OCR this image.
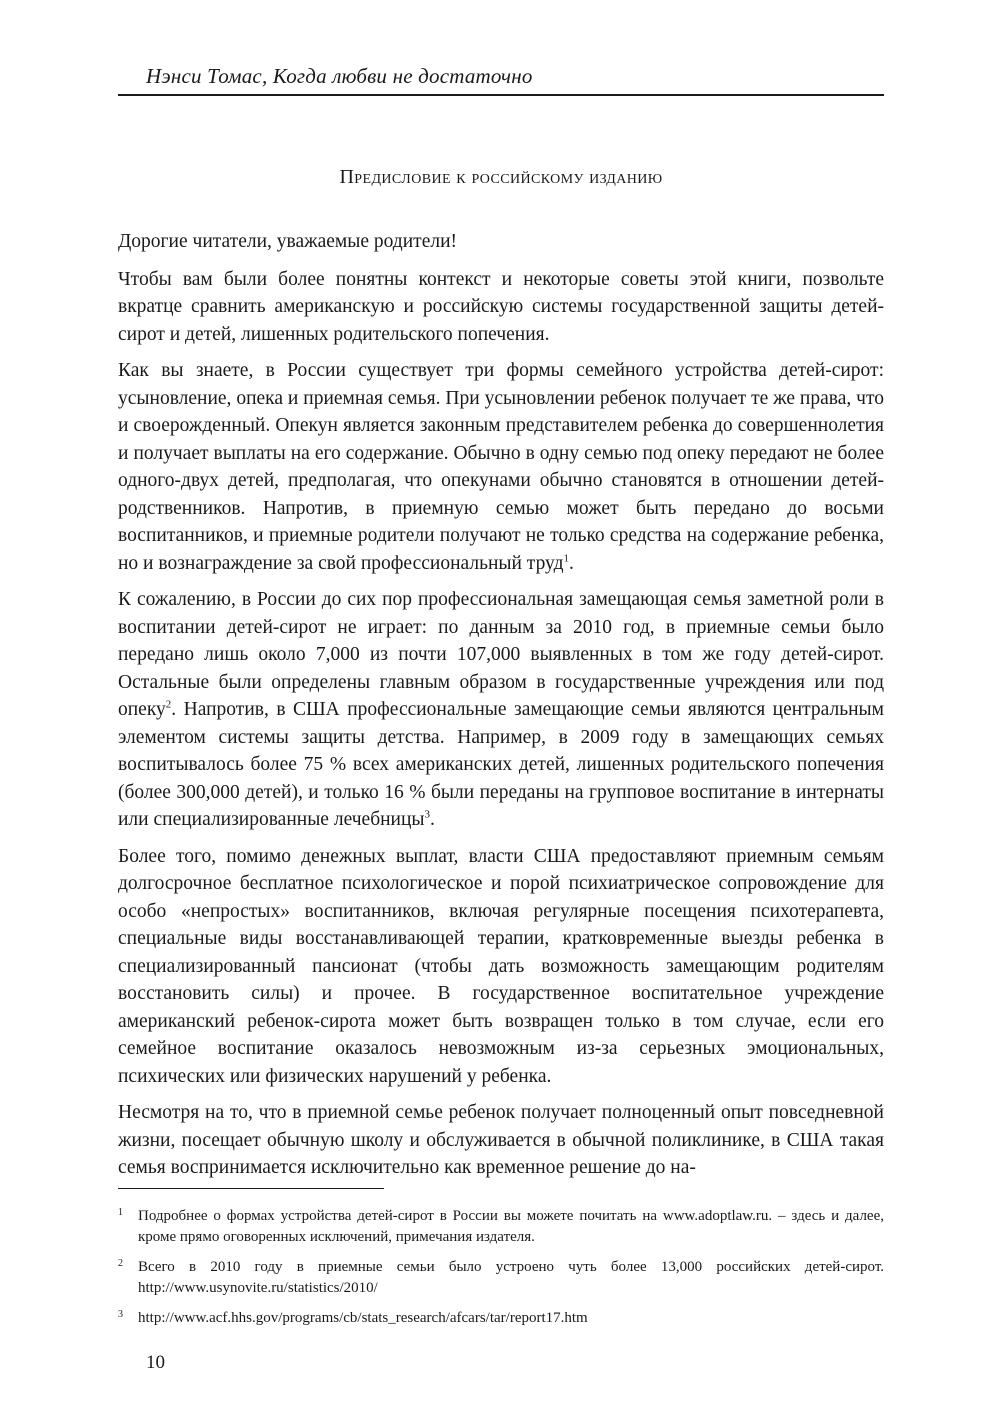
Нэнси Томас, Когда любви не достаточно
Предисловие к российскому изданию

Дорогие читатели, уважаемые родители!

Чтобы вам были более понятны контекст и некоторые советы этой книги, позвольте вкратце сравнить американскую и российскую системы государственной защиты детей-сирот и детей, лишенных родительского попечения.

Как вы знаете, в России существует три формы семейного устройства детей-сирот: усыновление, опека и приемная семья. При усыновлении ребенок получает те же права, что и своерожденный. Опекун является законным представителем ребенка до совершеннолетия и получает выплаты на его содержание. Обычно в одну семью под опеку передают не более одного-двух детей, предполагая, что опекунами обычно становятся в отношении детей-родственников. Напротив, в приемную семью может быть передано до восьми воспитанников, и приемные родители получают не только средства на содержание ребенка, но и вознаграждение за свой профессиональный труд$^1$.

К сожалению, в России до сих пор профессиональная замещающая семья заметной роли в воспитании детей-сирот не играет: по данным за 2010 год, в приемные семьи было передано лишь около 7,000 из почти 107,000 выявленных в том же году детей-сирот. Остальные были определены главным образом в государственные учреждения или под опеку$^2$. Напротив, в США профессиональные замещающие семьи являются центральным элементом системы защиты детства. Например, в 2009 году в замещающих семьях воспитывалось более 75 % всех американских детей, лишенных родительского попечения (более 300,000 детей), и только 16 % были переданы на групповое воспитание в интернаты или специализированные лечебницы$^3$.

Более того, помимо денежных выплат, власти США предоставляют приемным семьям долгосрочное бесплатное психологическое и порой психиатрическое сопровождение для особо «непростых» воспитанников, включая регулярные посещения психотерапевта, специальные виды восстанавливающей терапии, кратковременные выезды ребенка в специализированный пансионат (чтобы дать возможность замещающим родителям восстановить силы) и прочее. В государственное воспитательное учреждение американский ребенок-сирота может быть возвращен только в том случае, если его семейное воспитание оказалось невозможным из-за серьезных эмоциональных, психических или физических нарушений у ребенка.

Несмотря на то, что в приемной семье ребенок получает полноценный опыт повседневной жизни, посещает обычную школу и обслуживается в обычной поликлинике, в США такая семья воспринимается исключительно как временное решение до на-

1	Подробнее о формах устройства детей-сирот в России вы можете почитать на www.adoptlaw.ru. – здесь и далее, кроме прямо оговоренных исключений, примечания издателя.
2	Всего в 2010 году в приемные семьи было устроено чуть более 13,000 российских детей-сирот. http://www.usynovite.ru/statistics/2010/
3	http://www.acf.hhs.gov/programs/cb/stats_research/afcars/tar/report17.htm
10
